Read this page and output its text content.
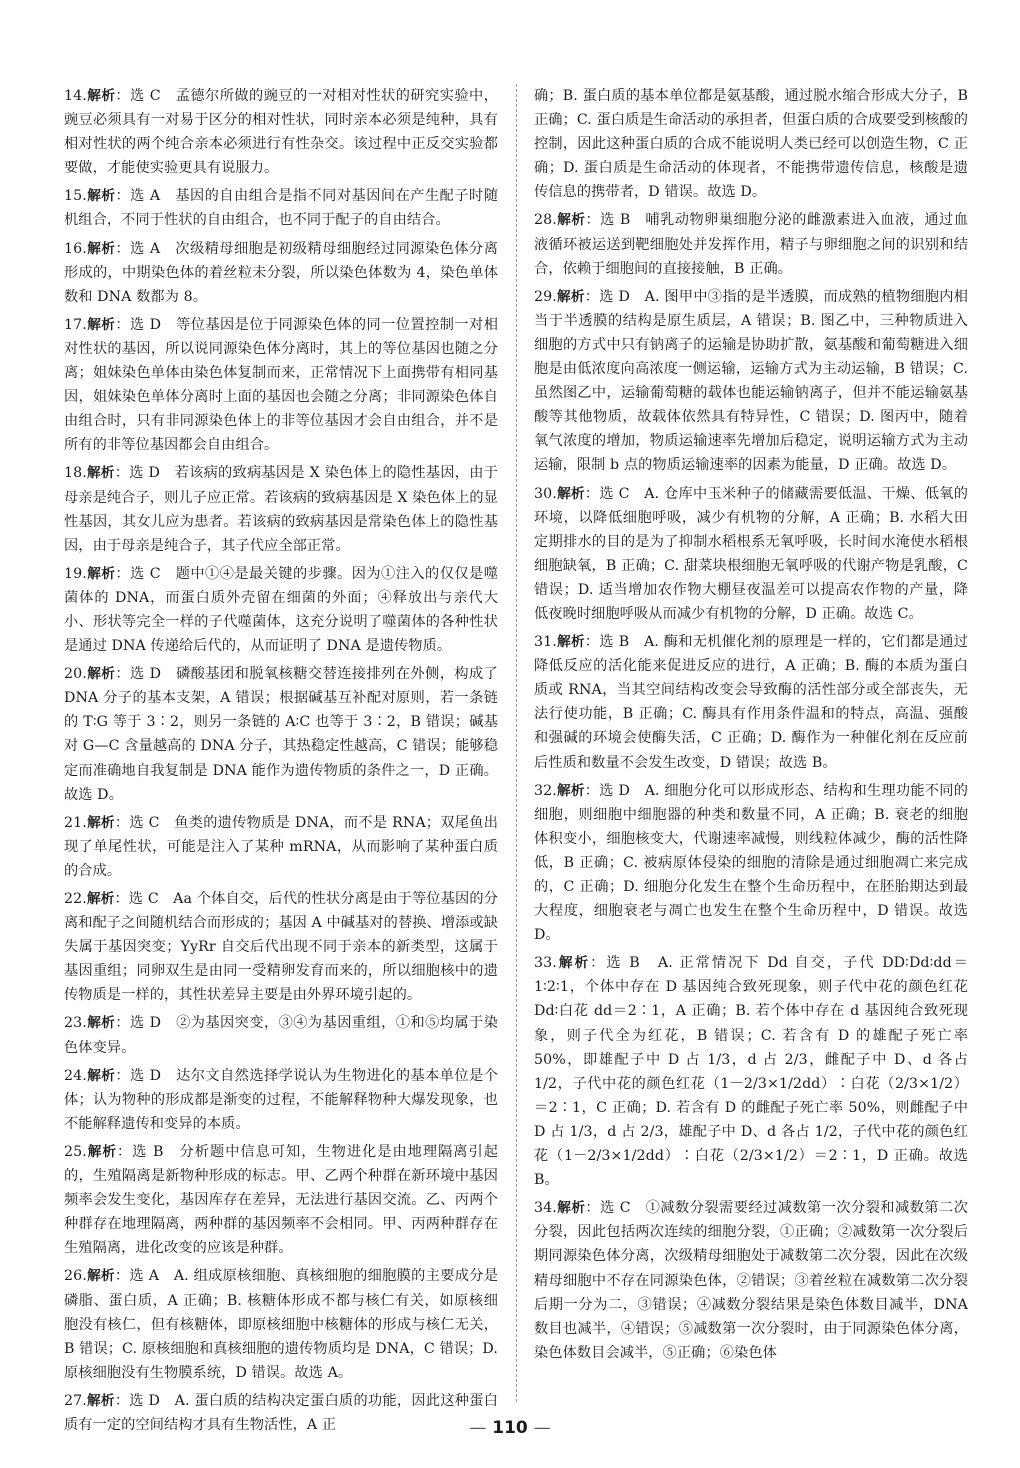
14.解析：选 C　孟德尔所做的豌豆的一对相对性状的研究实验中，豌豆必须具有一对易于区分的相对性状，同时亲本必须是纯种，具有相对性状的两个纯合亲本必须进行有性杂交。该过程中正反交实验都要做，才能使实验更具有说服力。

15.解析：选 A　基因的自由组合是指不同对基因间在产生配子时随机组合，不同于性状的自由组合，也不同于配子的自由结合。

16.解析：选 A　次级精母细胞是初级精母细胞经过同源染色体分离形成的，中期染色体的着丝粒未分裂，所以染色体数为 4，染色单体数和 DNA 数都为 8。

17.解析：选 D　等位基因是位于同源染色体的同一位置控制一对相对性状的基因，所以说同源染色体分离时，其上的等位基因也随之分离；姐妹染色单体由染色体复制而来，正常情况下上面携带有相同基因，姐妹染色单体分离时上面的基因也会随之分离；非同源染色体自由组合时，只有非同源染色体上的非等位基因才会自由组合，并不是所有的非等位基因都会自由组合。

18.解析：选 D　若该病的致病基因是 X 染色体上的隐性基因，由于母亲是纯合子，则儿子应正常。若该病的致病基因是 X 染色体上的显性基因，其女儿应为患者。若该病的致病基因是常染色体上的隐性基因，由于母亲是纯合子，其子代应全部正常。

19.解析：选 C　题中①④是最关键的步骤。因为①注入的仅仅是噬菌体的 DNA，而蛋白质外壳留在细菌的外面；④释放出与亲代大小、形状等完全一样的子代噬菌体，这充分说明了噬菌体的各种性状是通过 DNA 传递给后代的，从而证明了 DNA 是遗传物质。

20.解析：选 D　磷酸基团和脱氧核糖交替连接排列在外侧，构成了 DNA 分子的基本支架，A 错误；根据碱基互补配对原则，若一条链的 T∶G 等于 3∶2，则另一条链的 A∶C 也等于 3∶2，B 错误；碱基对 G—C 含量越高的 DNA 分子，其热稳定性越高，C 错误；能够稳定而准确地自我复制是 DNA 能作为遗传物质的条件之一，D 正确。故选 D。

21.解析：选 C　鱼类的遗传物质是 DNA，而不是 RNA；双尾鱼出现了单尾性状，可能是注入了某种 mRNA，从而影响了某种蛋白质的合成。

22.解析：选 C　Aa 个体自交，后代的性状分离是由于等位基因的分离和配子之间随机结合而形成的；基因 A 中碱基对的替换、增添或缺失属于基因突变；YyRr 自交后代出现不同于亲本的新类型，这属于基因重组；同卵双生是由同一受精卵发育而来的，所以细胞核中的遗传物质是一样的，其性状差异主要是由外界环境引起的。

23.解析：选 D　②为基因突变，③④为基因重组，①和⑤均属于染色体变异。

24.解析：选 D　达尔文自然选择学说认为生物进化的基本单位是个体；认为物种的形成都是渐变的过程，不能解释物种大爆发现象，也不能解释遗传和变异的本质。

25.解析：选 B　分析题中信息可知，生物进化是由地理隔离引起的，生殖隔离是新物种形成的标志。甲、乙两个种群在新环境中基因频率会发生变化，基因库存在差异，无法进行基因交流。乙、丙两个种群存在地理隔离，两种群的基因频率不会相同。甲、丙两种群存在生殖隔离，进化改变的应该是种群。

26.解析：选 A　A. 组成原核细胞、真核细胞的细胞膜的主要成分是磷脂、蛋白质，A 正确；B. 核糖体形成不都与核仁有关，如原核细胞没有核仁，但有核糖体，即原核细胞中核糖体的形成与核仁无关，B 错误；C. 原核细胞和真核细胞的遗传物质均是 DNA，C 错误；D. 原核细胞没有生物膜系统，D 错误。故选 A。

27.解析：选 D　A. 蛋白质的结构决定蛋白质的功能，因此这种蛋白质有一定的空间结构才具有生物活性，A 正

确；B. 蛋白质的基本单位都是氨基酸，通过脱水缩合形成大分子，B 正确；C. 蛋白质是生命活动的承担者，但蛋白质的合成要受到核酸的控制，因此这种蛋白质的合成不能说明人类已经可以创造生物，C 正确；D. 蛋白质是生命活动的体现者，不能携带遗传信息，核酸是遗传信息的携带者，D 错误。故选 D。

28.解析：选 B　哺乳动物卵巢细胞分泌的雌激素进入血液，通过血液循环被运送到靶细胞处并发挥作用，精子与卵细胞之间的识别和结合，依赖于细胞间的直接接触，B 正确。

29.解析：选 D　A. 图甲中③指的是半透膜，而成熟的植物细胞内相当于半透膜的结构是原生质层，A 错误；B. 图乙中，三种物质进入细胞的方式中只有钠离子的运输是协助扩散，氨基酸和葡萄糖进入细胞是由低浓度向高浓度一侧运输，运输方式为主动运输，B 错误；C. 虽然图乙中，运输葡萄糖的载体也能运输钠离子，但并不能运输氨基酸等其他物质，故载体依然具有特异性，C 错误；D. 图丙中，随着氧气浓度的增加，物质运输速率先增加后稳定，说明运输方式为主动运输，限制 b 点的物质运输速率的因素为能量，D 正确。故选 D。

30.解析：选 C　A. 仓库中玉米种子的储藏需要低温、干燥、低氧的环境，以降低细胞呼吸，减少有机物的分解，A 正确；B. 水稻大田定期排水的目的是为了抑制水稻根系无氧呼吸，长时间水淹使水稻根细胞缺氧，B 正确；C. 甜菜块根细胞无氧呼吸的代谢产物是乳酸，C 错误；D. 适当增加农作物大棚昼夜温差可以提高农作物的产量，降低夜晚时细胞呼吸从而减少有机物的分解，D 正确。故选 C。

31.解析：选 B　A. 酶和无机催化剂的原理是一样的，它们都是通过降低反应的活化能来促进反应的进行，A 正确；B. 酶的本质为蛋白质或 RNA，当其空间结构改变会导致酶的活性部分或全部丧失，无法行使功能，B 正确；C. 酶具有作用条件温和的特点，高温、强酸和强碱的环境会使酶失活，C 正确；D. 酶作为一种催化剂在反应前后性质和数量不会发生改变，D 错误；故选 B。

32.解析：选 D　A. 细胞分化可以形成形态、结构和生理功能不同的细胞，则细胞中细胞器的种类和数量不同，A 正确；B. 衰老的细胞体积变小，细胞核变大，代谢速率减慢，则线粒体减少，酶的活性降低，B 正确；C. 被病原体侵染的细胞的清除是通过细胞凋亡来完成的，C 正确；D. 细胞分化发生在整个生命历程中，在胚胎期达到最大程度，细胞衰老与凋亡也发生在整个生命历程中，D 错误。故选 D。

33.解析：选 B　A. 正常情况下 Dd 自交，子代 DD∶Dd∶dd＝1∶2∶1，个体中存在 D 基因纯合致死现象，则子代中花的颜色红花 Dd∶白花 dd＝2∶1，A 正确；B. 若个体中存在 d 基因纯合致死现象，则子代全为红花，B 错误；C. 若含有 D 的雄配子死亡率 50%，即雄配子中 D 占 1/3，d 占 2/3，雌配子中 D、d 各占 1/2，子代中花的颜色红花（1－2/3×1/2dd）∶白花（2/3×1/2）＝2∶1，C 正确；D. 若含有 D 的雌配子死亡率 50%，则雌配子中 D 占 1/3，d 占 2/3，雄配子中 D、d 各占 1/2，子代中花的颜色红花（1－2/3×1/2dd）∶白花（2/3×1/2）＝2∶1，D 正确。故选 B。

34.解析：选 C　①减数分裂需要经过减数第一次分裂和减数第二次分裂，因此包括两次连续的细胞分裂，①正确；②减数第一次分裂后期同源染色体分离，次级精母细胞处于减数第二次分裂，因此在次级精母细胞中不存在同源染色体，②错误；③着丝粒在减数第二次分裂后期一分为二，③错误；④减数分裂结果是染色体数目减半，DNA 数目也减半，④错误；⑤减数第一次分裂时，由于同源染色体分离，染色体数目会减半，⑤正确；⑥染色体

— 110 —
